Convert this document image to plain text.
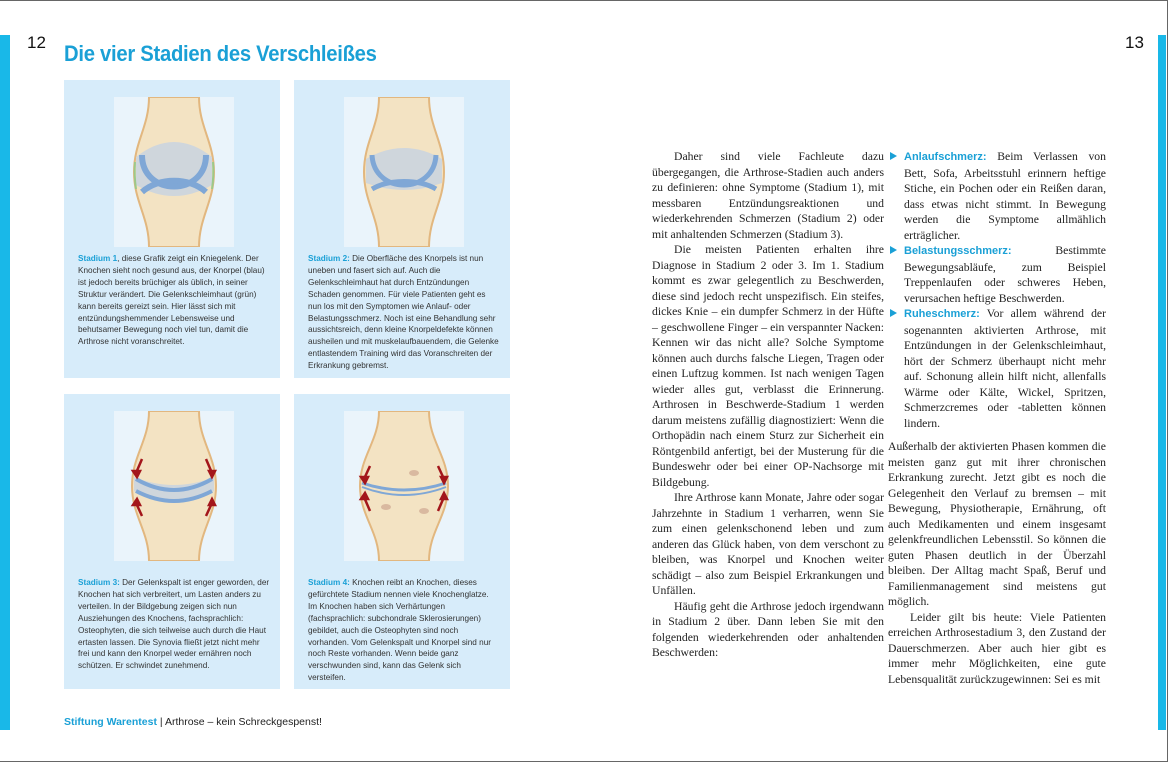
12	13
Die vier Stadien des Verschleißes
Stadium 1, diese Grafik zeigt ein Kniegelenk. Der Knochen sieht noch gesund aus, der Knorpel (blau) ist jedoch bereits brüchiger als üblich, in seiner Struktur verändert. Die Gelenkschleimhaut (grün) kann bereits gereizt sein. Hier lässt sich mit entzündungshemmender Lebensweise und behutsamer Bewegung noch viel tun, damit die Arthrose nicht voranschreitet.
Stadium 2: Die Oberfläche des Knorpels ist nun uneben und fasert sich auf. Auch die Gelenkschleimhaut hat durch Entzündungen Schaden genommen. Für viele Patienten geht es nun los mit den Symptomen wie Anlauf- oder Belastungsschmerz. Noch ist eine Behandlung sehr aussichtsreich, denn kleine Knorpeldefekte können ausheilen und mit muskelaufbauendem, die Gelenke entlastendem Training wird das Voranschreiten der Erkrankung gebremst.
Stadium 3: Der Gelenkspalt ist enger geworden, der Knochen hat sich verbreitert, um Lasten anders zu verteilen. In der Bildgebung zeigen sich nun Ausziehungen des Knochens, fachsprachlich: Osteophyten, die sich teilweise auch durch die Haut ertasten lassen. Die Synovia fließt jetzt nicht mehr frei und kann den Knorpel weder ernähren noch schützen. Er schwindet zunehmend.
Stadium 4: Knochen reibt an Knochen, dieses gefürchtete Stadium nennen viele Knochenglatze. Im Knochen haben sich Verhärtungen (fachsprachlich: subchondrale Sklerosierungen) gebildet, auch die Osteophyten sind noch vorhanden. Vom Gelenkspalt und Knorpel sind nur noch Reste vorhanden. Wenn beide ganz verschwunden sind, kann das Gelenk sich versteifen.
Stiftung Warentest | Arthrose – kein Schreckgespenst!

Daher sind viele Fachleute dazu übergegangen, die Arthrose-Stadien auch anders zu definieren: ohne Symptome (Stadium 1), mit messbaren Entzündungsreaktionen und wiederkehrenden Schmerzen (Stadium 2) oder mit anhaltenden Schmerzen (Stadium 3).

Die meisten Patienten erhalten ihre Diagnose in Stadium 2 oder 3. Im 1. Stadium kommt es zwar gelegentlich zu Beschwerden, diese sind jedoch recht unspezifisch. Ein steifes, dickes Knie – ein dumpfer Schmerz in der Hüfte – geschwollene Finger – ein verspannter Nacken: Kennen wir das nicht alle? Solche Symptome können auch durchs falsche Liegen, Tragen oder einen Luftzug kommen. Ist nach wenigen Tagen wieder alles gut, verblasst die Erinnerung. Arthrosen in Beschwerde-Stadium 1 werden darum meistens zufällig diagnostiziert: Wenn die Orthopädin nach einem Sturz zur Sicherheit ein Röntgenbild anfertigt, bei der Musterung für die Bundeswehr oder bei einer OP-Nachsorge mit Bildgebung.

Ihre Arthrose kann Monate, Jahre oder sogar Jahrzehnte in Stadium 1 verharren, wenn Sie zum einen gelenkschonend leben und zum anderen das Glück haben, von dem verschont zu bleiben, was Knorpel und Knochen weiter schädigt – also zum Beispiel Erkrankungen und Unfällen.

Häufig geht die Arthrose jedoch irgendwann in Stadium 2 über. Dann leben Sie mit den folgenden wiederkehrenden oder anhaltenden Beschwerden:

Anlaufschmerz: Beim Verlassen von Bett, Sofa, Arbeitsstuhl erinnern heftige Stiche, ein Pochen oder ein Reißen daran, dass etwas nicht stimmt. In Bewegung werden die Symptome allmählich erträglicher.
Belastungsschmerz:	Bestimmte Bewegungsabläufe, zum Beispiel Treppenlaufen oder schweres Heben, verursachen heftige Beschwerden.
Ruheschmerz: Vor allem während der sogenannten aktivierten Arthrose, mit Entzündungen in der Gelenkschleimhaut, hört der Schmerz überhaupt nicht mehr auf. Schonung allein hilft nicht, allenfalls Wärme oder Kälte, Wickel, Spritzen, Schmerzcremes oder -tabletten können lindern.

Außerhalb der aktivierten Phasen kommen die meisten ganz gut mit ihrer chronischen Erkrankung zurecht. Jetzt gibt es noch die Gelegenheit den Verlauf zu bremsen – mit Bewegung, Physiotherapie, Ernährung, oft auch Medikamenten und einem insgesamt gelenkfreundlichen Lebensstil. So können die guten Phasen deutlich in der Überzahl bleiben. Der Alltag macht Spaß, Beruf und Familienmanagement sind meistens gut möglich.

Leider gilt bis heute: Viele Patienten erreichen Arthrosestadium 3, den Zustand der Dauerschmerzen. Aber auch hier gibt es immer mehr Möglichkeiten, eine gute Lebensqualität zurückzugewinnen: Sei es mit
